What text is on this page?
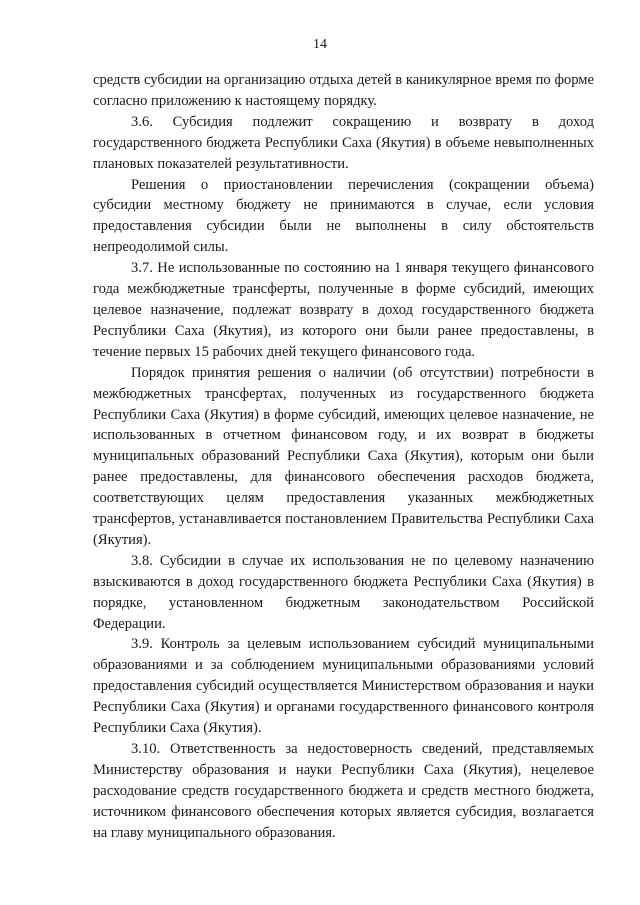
14

средств субсидии на организацию отдыха детей в каникулярное время по форме согласно приложению к настоящему порядку.

3.6. Субсидия подлежит сокращению и возврату в доход государственного бюджета Республики Саха (Якутия) в объеме невыполненных плановых показателей результативности.

Решения о приостановлении перечисления (сокращении объема) субсидии местному бюджету не принимаются в случае, если условия предоставления субсидии были не выполнены в силу обстоятельств непреодолимой силы.

3.7. Не использованные по состоянию на 1 января текущего финансового года межбюджетные трансферты, полученные в форме субсидий, имеющих целевое назначение, подлежат возврату в доход государственного бюджета Республики Саха (Якутия), из которого они были ранее предоставлены, в течение первых 15 рабочих дней текущего финансового года.

Порядок принятия решения о наличии (об отсутствии) потребности в межбюджетных трансфертах, полученных из государственного бюджета Республики Саха (Якутия) в форме субсидий, имеющих целевое назначение, не использованных в отчетном финансовом году, и их возврат в бюджеты муниципальных образований Республики Саха (Якутия), которым они были ранее предоставлены, для финансового обеспечения расходов бюджета, соответствующих целям предоставления указанных межбюджетных трансфертов, устанавливается постановлением Правительства Республики Саха (Якутия).

3.8. Субсидии в случае их использования не по целевому назначению взыскиваются в доход государственного бюджета Республики Саха (Якутия) в порядке, установленном бюджетным законодательством Российской Федерации.

3.9. Контроль за целевым использованием субсидий муниципальными образованиями и за соблюдением муниципальными образованиями условий предоставления субсидий осуществляется Министерством образования и науки Республики Саха (Якутия) и органами государственного финансового контроля Республики Саха (Якутия).

3.10. Ответственность за недостоверность сведений, представляемых Министерству образования и науки Республики Саха (Якутия), нецелевое расходование средств государственного бюджета и средств местного бюджета, источником финансового обеспечения которых является субсидия, возлагается на главу муниципального образования.
